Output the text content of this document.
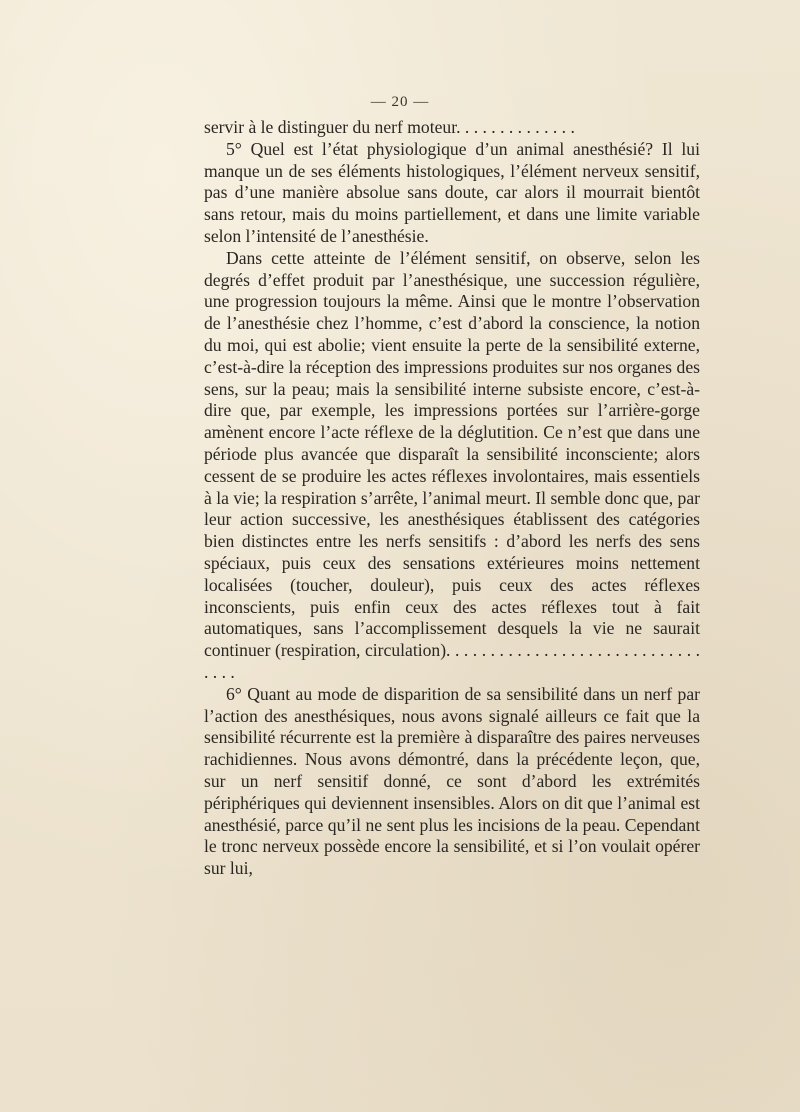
— 20 —

servir à le distinguer du nerf moteur. . . . . . . . . . . . . .

5° Quel est l’état physiologique d’un animal anesthésié? Il lui manque un de ses éléments histologiques, l’élément nerveux sensitif, pas d’une manière absolue sans doute, car alors il mourrait bientôt sans retour, mais du moins partiellement, et dans une limite variable selon l’intensité de l’anesthésie.

Dans cette atteinte de l’élément sensitif, on observe, selon les degrés d’effet produit par l’anesthésique, une succession régulière, une progression toujours la même. Ainsi que le montre l’observation de l’anesthésie chez l’homme, c’est d’abord la conscience, la notion du moi, qui est abolie; vient ensuite la perte de la sensibilité externe, c’est-à-dire la réception des impressions produites sur nos organes des sens, sur la peau; mais la sensibilité interne subsiste encore, c’est-à-dire que, par exemple, les impressions portées sur l’arrière-gorge amènent encore l’acte réflexe de la déglutition. Ce n’est que dans une période plus avancée que disparaît la sensibilité inconsciente; alors cessent de se produire les actes réflexes involontaires, mais essentiels à la vie; la respiration s’arrête, l’animal meurt. Il semble donc que, par leur action successive, les anesthésiques établissent des catégories bien distinctes entre les nerfs sensitifs : d’abord les nerfs des sens spéciaux, puis ceux des sensations extérieures moins nettement localisées (toucher, douleur), puis ceux des actes réflexes inconscients, puis enfin ceux des actes réflexes tout à fait automatiques, sans l’accomplissement desquels la vie ne saurait continuer (respiration, circulation). . . . . . . . . . . . . . . . . . . . . . . . . . . . . . . . .

6° Quant au mode de disparition de sa sensibilité dans un nerf par l’action des anesthésiques, nous avons signalé ailleurs ce fait que la sensibilité récurrente est la première à disparaître des paires nerveuses rachidiennes. Nous avons démontré, dans la précédente leçon, que, sur un nerf sensitif donné, ce sont d’abord les extrémités périphériques qui deviennent insensibles. Alors on dit que l’animal est anesthésié, parce qu’il ne sent plus les incisions de la peau. Cependant le tronc nerveux possède encore la sensibilité, et si l’on voulait opérer sur lui,
